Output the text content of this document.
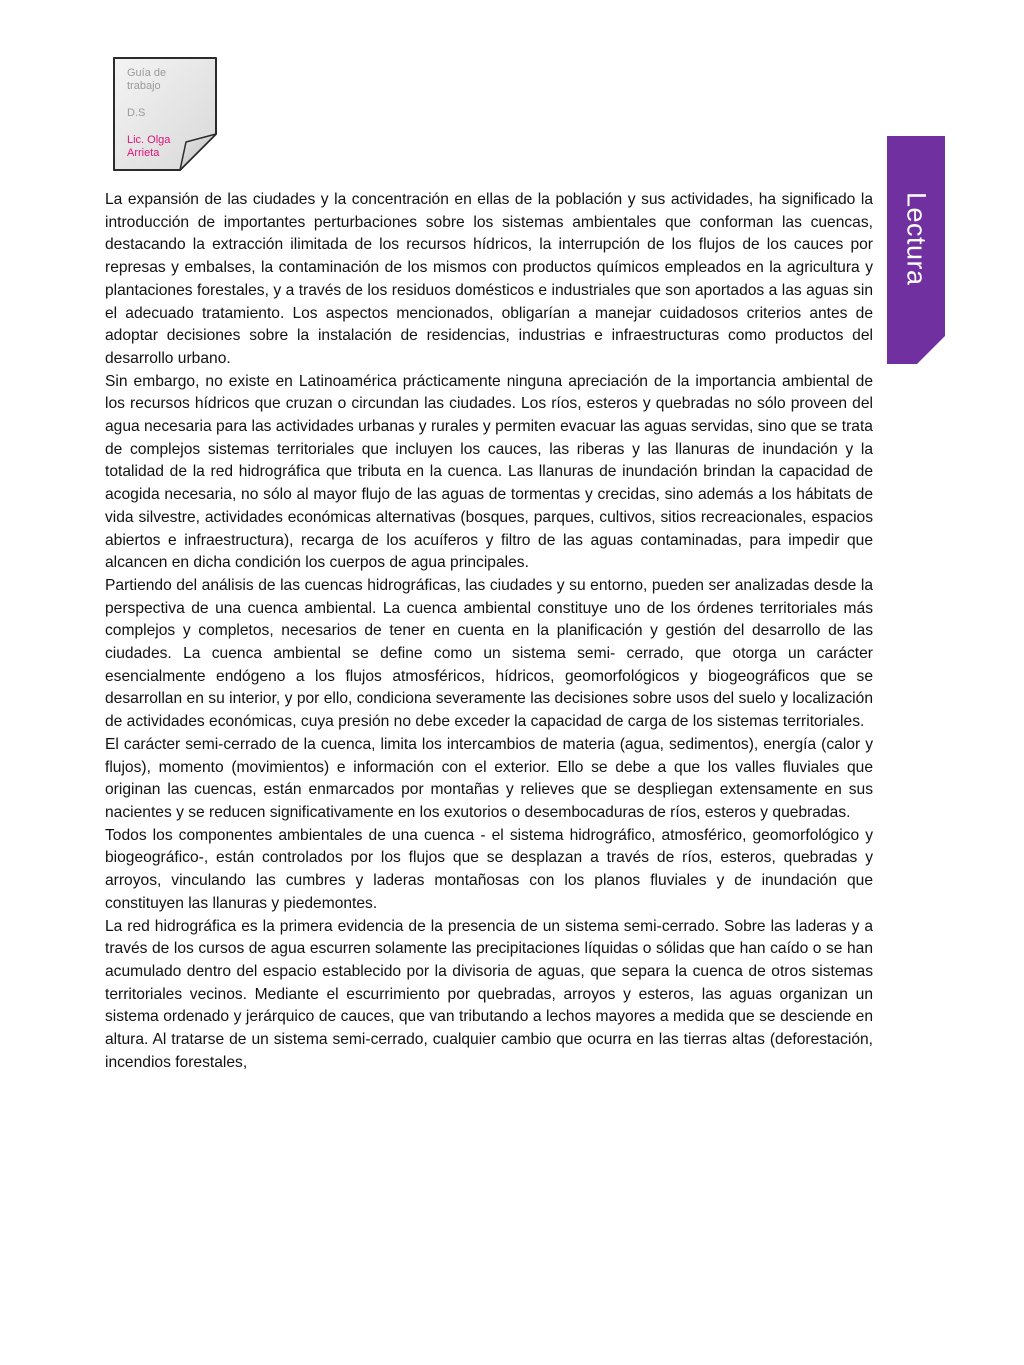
Guía de trabajo
D.S
Lic. Olga Arrieta
Lectura

La expansión de las ciudades y la concentración en ellas de la población y sus actividades, ha significado la introducción de importantes perturbaciones sobre los sistemas ambientales que conforman las cuencas, destacando la extracción ilimitada de los recursos hídricos, la interrupción de los flujos de los cauces por represas y embalses, la contaminación de los mismos con productos químicos empleados en la agricultura y plantaciones forestales, y a través de los residuos domésticos e industriales que son aportados a las aguas sin el adecuado tratamiento. Los aspectos mencionados, obligarían a manejar cuidadosos criterios antes de adoptar decisiones sobre la instalación de residencias, industrias e infraestructuras como productos del desarrollo urbano.

Sin embargo, no existe en Latinoamérica prácticamente ninguna apreciación de la importancia ambiental de los recursos hídricos que cruzan o circundan las ciudades. Los ríos, esteros y quebradas no sólo proveen del agua necesaria para las actividades urbanas y rurales y permiten evacuar las aguas servidas, sino que se trata de complejos sistemas territoriales que incluyen los cauces, las riberas y las llanuras de inundación y la totalidad de la red hidrográfica que tributa en la cuenca. Las llanuras de inundación brindan la capacidad de acogida necesaria, no sólo al mayor flujo de las aguas de tormentas y crecidas, sino además a los hábitats de vida silvestre, actividades económicas alternativas (bosques, parques, cultivos, sitios recreacionales, espacios abiertos e infraestructura), recarga de los acuíferos y filtro de las aguas contaminadas, para impedir que alcancen en dicha condición los cuerpos de agua principales.

Partiendo del análisis de las cuencas hidrográficas, las ciudades y su entorno, pueden ser analizadas desde la perspectiva de una cuenca ambiental. La cuenca ambiental constituye uno de los órdenes territoriales más complejos y completos, necesarios de tener en cuenta en la planificación y gestión del desarrollo de las ciudades. La cuenca ambiental se define como un sistema semi- cerrado, que otorga un carácter esencialmente endógeno a los flujos atmosféricos, hídricos, geomorfológicos y biogeográficos que se desarrollan en su interior, y por ello, condiciona severamente las decisiones sobre usos del suelo y localización de actividades económicas, cuya presión no debe exceder la capacidad de carga de los sistemas territoriales.

El carácter semi-cerrado de la cuenca, limita los intercambios de materia (agua, sedimentos), energía (calor y flujos), momento (movimientos) e información con el exterior. Ello se debe a que los valles fluviales que originan las cuencas, están enmarcados por montañas y relieves que se despliegan extensamente en sus nacientes y se reducen significativamente en los exutorios o desembocaduras de ríos, esteros y quebradas.

Todos los componentes ambientales de una cuenca - el sistema hidrográfico, atmosférico, geomorfológico y biogeográfico-, están controlados por los flujos que se desplazan a través de ríos, esteros, quebradas y arroyos, vinculando las cumbres y laderas montañosas con los planos fluviales y de inundación que constituyen las llanuras y piedemontes.

La red hidrográfica es la primera evidencia de la presencia de un sistema semi-cerrado. Sobre las laderas y a través de los cursos de agua escurren solamente las precipitaciones líquidas o sólidas que han caído o se han acumulado dentro del espacio establecido por la divisoria de aguas, que separa la cuenca de otros sistemas territoriales vecinos. Mediante el escurrimiento por quebradas, arroyos y esteros, las aguas organizan un sistema ordenado y jerárquico de cauces, que van tributando a lechos mayores a medida que se desciende en altura. Al tratarse de un sistema semi-cerrado, cualquier cambio que ocurra en las tierras altas (deforestación, incendios forestales,
